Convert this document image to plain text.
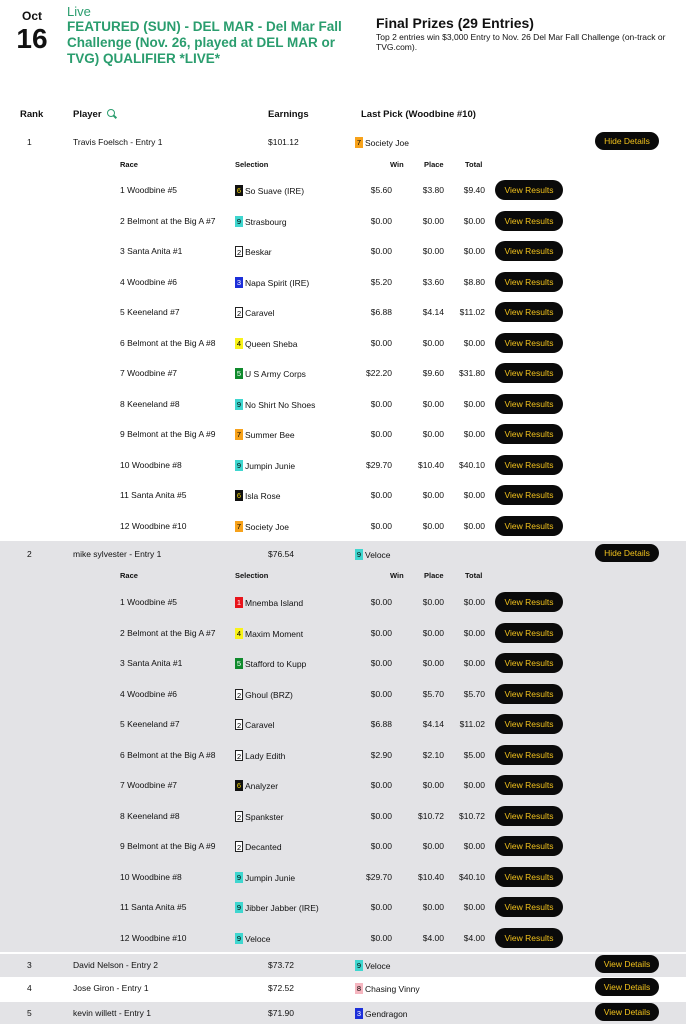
Oct
16
Live
FEATURED (SUN) - DEL MAR - Del Mar Fall Challenge (Nov. 26, played at DEL MAR or TVG) QUALIFIER *LIVE*
Final Prizes (29 Entries)
Top 2 entries win $3,000 Entry to Nov. 26 Del Mar Fall Challenge (on-track or TVG.com).
Rank	Player	Earnings	Last Pick (Woodbine #10)
1	Travis Foelsch - Entry 1	$101.12	7 Society Joe	Hide Details
Race	Selection	Win	Place	Total
1 Woodbine #5	6 So Suave (IRE)	$5.60	$3.80	$9.40	View Results
2 Belmont at the Big A #7	9 Strasbourg	$0.00	$0.00	$0.00	View Results
3 Santa Anita #1	2 Beskar	$0.00	$0.00	$0.00	View Results
4 Woodbine #6	3 Napa Spirit (IRE)	$5.20	$3.60	$8.80	View Results
5 Keeneland #7	2 Caravel	$6.88	$4.14	$11.02	View Results
6 Belmont at the Big A #8	4 Queen Sheba	$0.00	$0.00	$0.00	View Results
7 Woodbine #7	5 U S Army Corps	$22.20	$9.60	$31.80	View Results
8 Keeneland #8	9 No Shirt No Shoes	$0.00	$0.00	$0.00	View Results
9 Belmont at the Big A #9	7 Summer Bee	$0.00	$0.00	$0.00	View Results
10 Woodbine #8	9 Jumpin Junie	$29.70	$10.40	$40.10	View Results
11 Santa Anita #5	6 Isla Rose	$0.00	$0.00	$0.00	View Results
12 Woodbine #10	7 Society Joe	$0.00	$0.00	$0.00	View Results
2	mike sylvester - Entry 1	$76.54	9 Veloce	Hide Details
Race	Selection	Win	Place	Total
1 Woodbine #5	1 Mnemba Island	$0.00	$0.00	$0.00	View Results
2 Belmont at the Big A #7	4 Maxim Moment	$0.00	$0.00	$0.00	View Results
3 Santa Anita #1	5 Stafford to Kupp	$0.00	$0.00	$0.00	View Results
4 Woodbine #6	2 Ghoul (BRZ)	$0.00	$5.70	$5.70	View Results
5 Keeneland #7	2 Caravel	$6.88	$4.14	$11.02	View Results
6 Belmont at the Big A #8	2 Lady Edith	$2.90	$2.10	$5.00	View Results
7 Woodbine #7	6 Analyzer	$0.00	$0.00	$0.00	View Results
8 Keeneland #8	2 Spankster	$0.00	$10.72	$10.72	View Results
9 Belmont at the Big A #9	2 Decanted	$0.00	$0.00	$0.00	View Results
10 Woodbine #8	9 Jumpin Junie	$29.70	$10.40	$40.10	View Results
11 Santa Anita #5	9 Jibber Jabber (IRE)	$0.00	$0.00	$0.00	View Results
12 Woodbine #10	9 Veloce	$0.00	$4.00	$4.00	View Results
3	David Nelson - Entry 2	$73.72	9 Veloce	View Details
4	Jose Giron - Entry 1	$72.52	8 Chasing Vinny	View Details
5	kevin willett - Entry 1	$71.90	3 Gendragon	View Details
